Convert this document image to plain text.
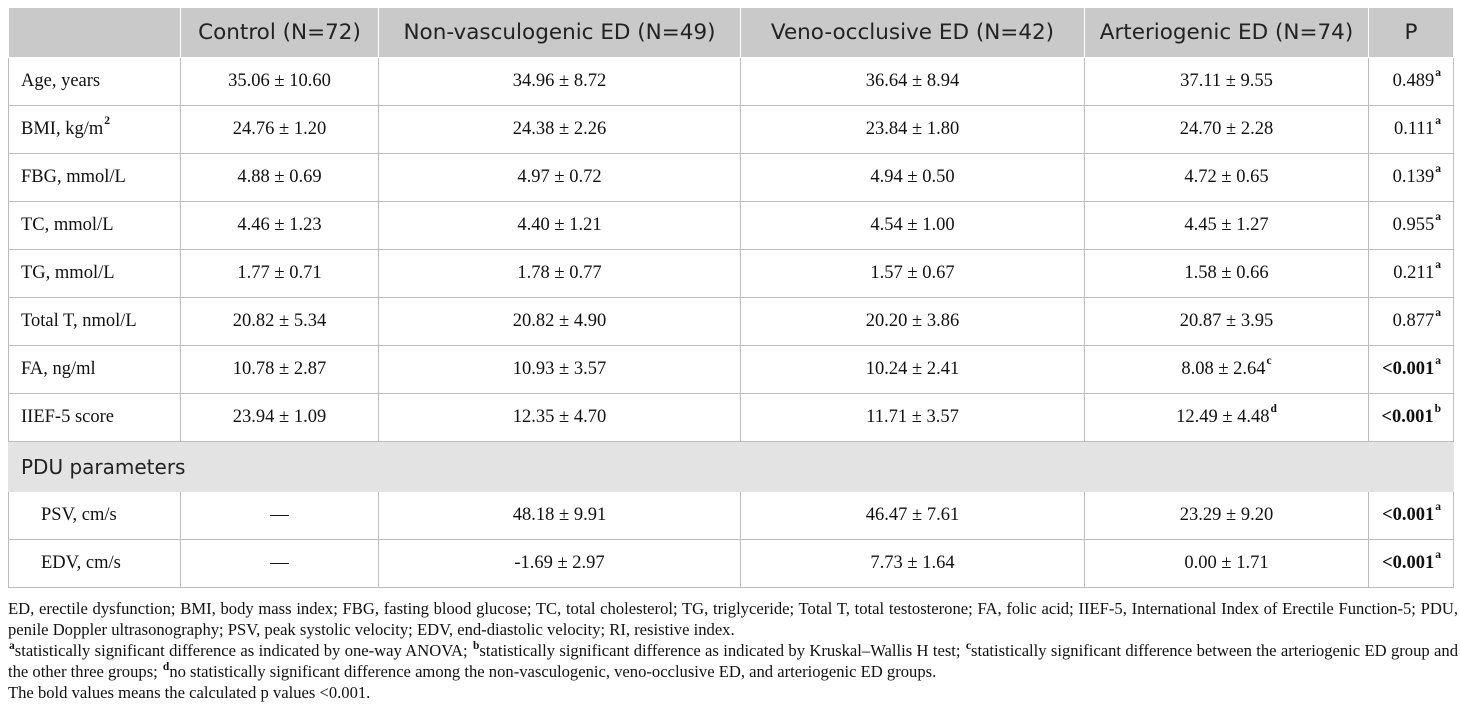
	Control (N=72)	Non-vasculogenic ED (N=49)	Veno-occlusive ED (N=42)	Arteriogenic ED (N=74)	P
Age, years	35.06 ± 10.60	34.96 ± 8.72	36.64 ± 8.94	37.11 ± 9.55	0.489$^a$
BMI, $kg/m^2$	24.76 ± 1.20	24.38 ± 2.26	23.84 ± 1.80	24.70 ± 2.28	0.111$^a$
FBG, mmol/L	4.88 ± 0.69	4.97 ± 0.72	4.94 ± 0.50	4.72 ± 0.65	0.139$^a$
TC, mmol/L	4.46 ± 1.23	4.40 ± 1.21	4.54 ± 1.00	4.45 ± 1.27	0.955$^a$
TG, mmol/L	1.77 ± 0.71	1.78 ± 0.77	1.57 ± 0.67	1.58 ± 0.66	0.211$^a$
Total T, nmol/L	20.82 ± 5.34	20.82 ± 4.90	20.20 ± 3.86	20.87 ± 3.95	0.877$^a$
FA, ng/ml	10.78 ± 2.87	10.93 ± 3.57	10.24 ± 2.41	8.08 ± 2.64$^c$	<0.001$^a$
IIEF-5 score	23.94 ± 1.09	12.35 ± 4.70	11.71 ± 3.57	12.49 ± 4.48$^d$	<0.001$^b$
PDU parameters					
PSV, cm/s	—	48.18 ± 9.91	46.47 ± 7.61	23.29 ± 9.20	<0.001$^a$
EDV, cm/s	—	-1.69 ± 2.97	7.73 ± 1.64	0.00 ± 1.71	<0.001$^a$

ED, erectile dysfunction; BMI, body mass index; FBG, fasting blood glucose; TC, total cholesterol; TG, triglyceride; Total T, total testosterone; FA, folic acid; IIEF-5, International Index of Erectile Function-5; PDU, penile Doppler ultrasonography; PSV, peak systolic velocity; EDV, end-diastolic velocity; RI, resistive index.

$^a$statistically significant difference as indicated by one-way ANOVA; $^b$statistically significant difference as indicated by Kruskal–Wallis H test; $^c$statistically significant difference between the arteriogenic ED group and the other three groups; $^d$no statistically significant difference among the non-vasculogenic, veno-occlusive ED, and arteriogenic ED groups.

The bold values means the calculated p values <0.001.
